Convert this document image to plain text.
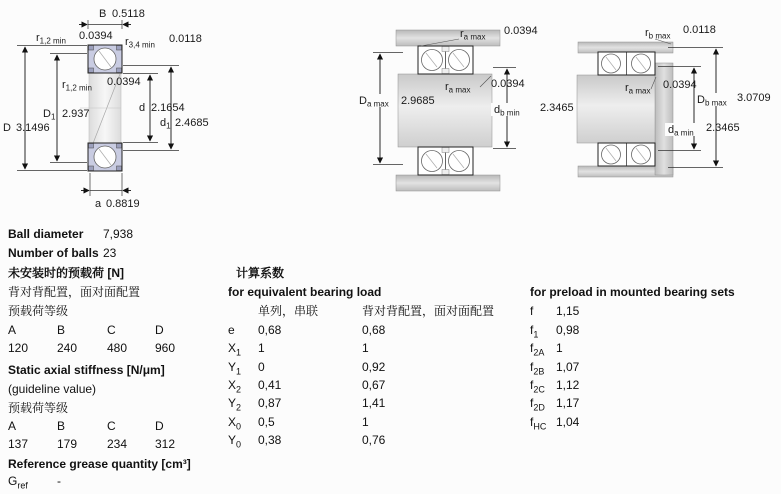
B 0.5118
$r_{1,2 min}$ 0.0394 $r_{3,4 min}$ 0.0118
$r_{1,2 min}$ 0.0394
$D_1$ 2.937
D 3.1496
d 2.1654
$d_1$ 2.4685
a 0.8819
$r_{a max}$ 0.0394
$r_{a max}$ 0.0394
$D_{a max}$ 2.9685
$d_{b min}$ 2.3465
$r_{b max}$ 0.0118
$r_{a max}$ 0.0394
$D_{b max}$ 3.0709
$d_{a min}$ 2.3465
Ball diameter 7,938
Number of balls 23
未安装时的预载荷 [N]
背对背配置，面对面配置
预载荷等级
A	B	C	D
120 240 480 960
Static axial stiffness [N/μm]
(guideline value)
预载荷等级
A	B	C	D
137 179 234 312
Reference grease quantity [cm³]
$G_{ref}$ -
计算系数
for equivalent bearing load
单列，串联	背对背配置，面对面配置
e 0,68	0,68
$X_1$ 1	1
$Y_1$ 0	0,92
$X_2$ 0,41	0,67
$Y_2$ 0,87	1,41
$X_0$ 0,5	1
$Y_0$ 0,38	0,76
for preload in mounted bearing sets
f 1,15
$f_1$ 0,98
$f_{2A}$ 1
$f_{2B}$ 1,07
$f_{2C}$ 1,12
$f_{2D}$ 1,17
$f_{HC}$ 1,04
